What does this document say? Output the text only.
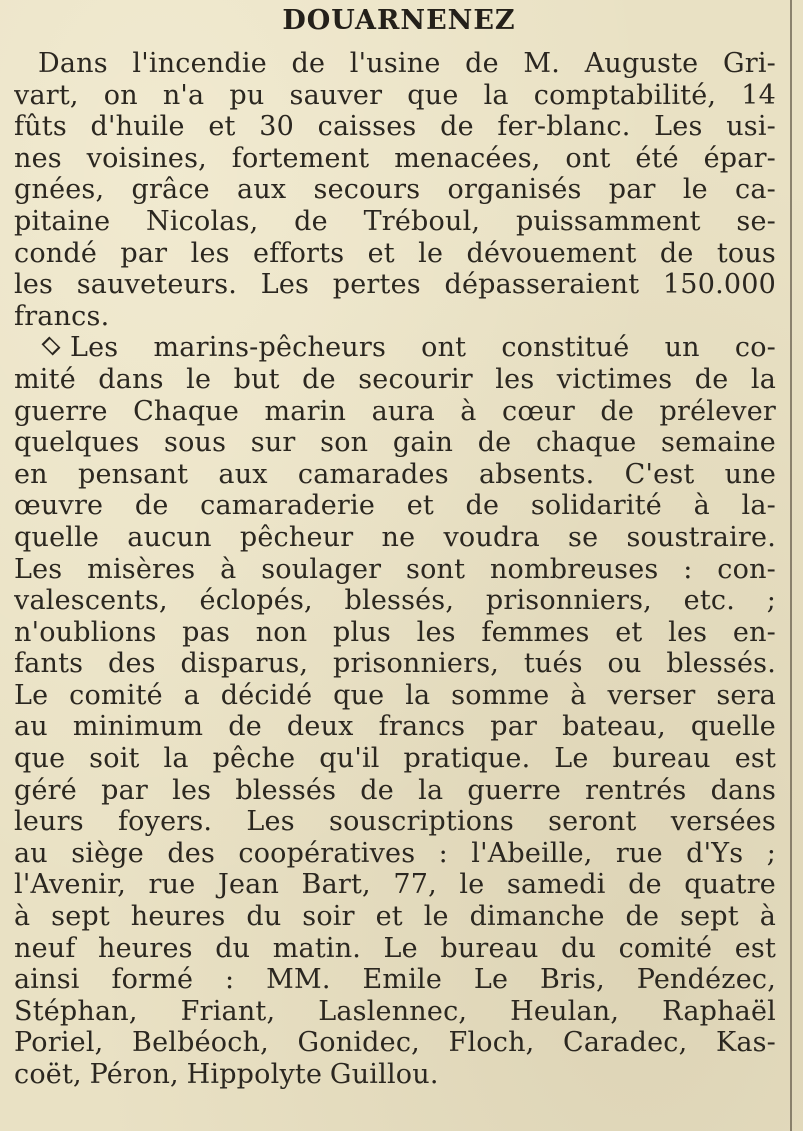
DOUARNENEZ

Dans l'incendie de l'usine de M. Auguste Gri-
vart, on n'a pu sauver que la comptabilité, 14
fûts d'huile et 30 caisses de fer-blanc. Les usi-
nes voisines, fortement menacées, ont été épar-
gnées, grâce aux secours organisés par le ca-
pitaine Nicolas, de Tréboul, puissamment se-
condé par les efforts et le dévouement de tous
les sauveteurs. Les pertes dépasseraient 150.000
francs.

Les marins-pêcheurs ont constitué un co-
mité dans le but de secourir les victimes de la
guerre Chaque marin aura à cœur de prélever
quelques sous sur son gain de chaque semaine
en pensant aux camarades absents. C'est une
œuvre de camaraderie et de solidarité à la-
quelle aucun pêcheur ne voudra se soustraire.
Les misères à soulager sont nombreuses : con-
valescents, éclopés, blessés, prisonniers, etc. ;
n'oublions pas non plus les femmes et les en-
fants des disparus, prisonniers, tués ou blessés.
Le comité a décidé que la somme à verser sera
au minimum de deux francs par bateau, quelle
que soit la pêche qu'il pratique. Le bureau est
géré par les blessés de la guerre rentrés dans
leurs foyers. Les souscriptions seront versées
au siège des coopératives : l'Abeille, rue d'Ys ;
l'Avenir, rue Jean Bart, 77, le samedi de quatre
à sept heures du soir et le dimanche de sept à
neuf heures du matin. Le bureau du comité est
ainsi formé : MM. Emile Le Bris, Pendézec,
Stéphan, Friant, Laslennec, Heulan, Raphaël
Poriel, Belbéoch, Gonidec, Floch, Caradec, Kas-
coët, Péron, Hippolyte Guillou.
